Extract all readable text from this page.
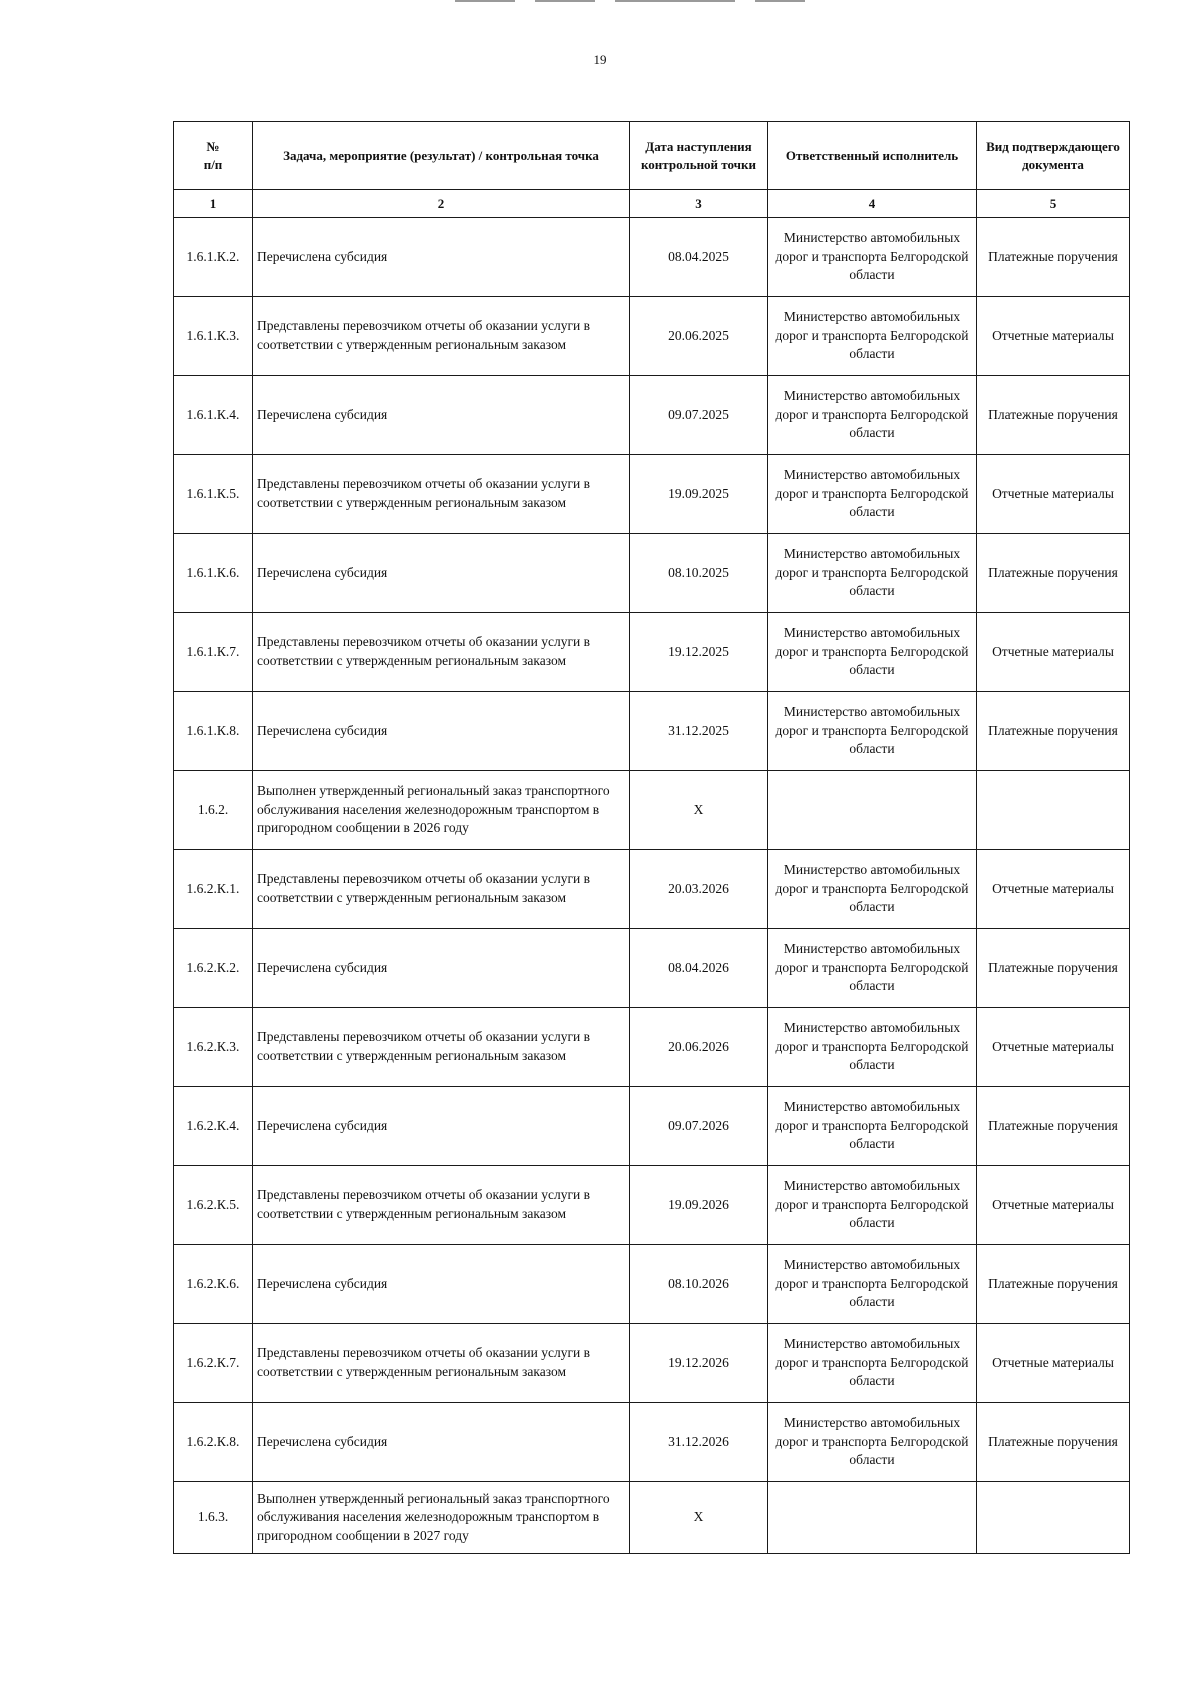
19
№
п/п	Задача, мероприятие (результат) / контрольная точка	Дата наступления контрольной точки	Ответственный исполнитель	Вид подтверждающего документа
1	2	3	4	5
1.6.1.К.2.	Перечислена субсидия	08.04.2025	Министерство автомобильных дорог и транспорта Белгородской области	Платежные поручения
1.6.1.К.3.	Представлены перевозчиком отчеты об оказании услуги в соответствии с утвержденным региональным заказом	20.06.2025	Министерство автомобильных дорог и транспорта Белгородской области	Отчетные материалы
1.6.1.К.4.	Перечислена субсидия	09.07.2025	Министерство автомобильных дорог и транспорта Белгородской области	Платежные поручения
1.6.1.К.5.	Представлены перевозчиком отчеты об оказании услуги в соответствии с утвержденным региональным заказом	19.09.2025	Министерство автомобильных дорог и транспорта Белгородской области	Отчетные материалы
1.6.1.К.6.	Перечислена субсидия	08.10.2025	Министерство автомобильных дорог и транспорта Белгородской области	Платежные поручения
1.6.1.К.7.	Представлены перевозчиком отчеты об оказании услуги в соответствии с утвержденным региональным заказом	19.12.2025	Министерство автомобильных дорог и транспорта Белгородской области	Отчетные материалы
1.6.1.К.8.	Перечислена субсидия	31.12.2025	Министерство автомобильных дорог и транспорта Белгородской области	Платежные поручения
1.6.2.	Выполнен утвержденный региональный заказ транспортного обслуживания населения железнодорожным транспортом в пригородном сообщении в 2026 году	Х		
1.6.2.К.1.	Представлены перевозчиком отчеты об оказании услуги в соответствии с утвержденным региональным заказом	20.03.2026	Министерство автомобильных дорог и транспорта Белгородской области	Отчетные материалы
1.6.2.К.2.	Перечислена субсидия	08.04.2026	Министерство автомобильных дорог и транспорта Белгородской области	Платежные поручения
1.6.2.К.3.	Представлены перевозчиком отчеты об оказании услуги в соответствии с утвержденным региональным заказом	20.06.2026	Министерство автомобильных дорог и транспорта Белгородской области	Отчетные материалы
1.6.2.К.4.	Перечислена субсидия	09.07.2026	Министерство автомобильных дорог и транспорта Белгородской области	Платежные поручения
1.6.2.К.5.	Представлены перевозчиком отчеты об оказании услуги в соответствии с утвержденным региональным заказом	19.09.2026	Министерство автомобильных дорог и транспорта Белгородской области	Отчетные материалы
1.6.2.К.6.	Перечислена субсидия	08.10.2026	Министерство автомобильных дорог и транспорта Белгородской области	Платежные поручения
1.6.2.К.7.	Представлены перевозчиком отчеты об оказании услуги в соответствии с утвержденным региональным заказом	19.12.2026	Министерство автомобильных дорог и транспорта Белгородской области	Отчетные материалы
1.6.2.К.8.	Перечислена субсидия	31.12.2026	Министерство автомобильных дорог и транспорта Белгородской области	Платежные поручения
1.6.3.	Выполнен утвержденный региональный заказ транспортного обслуживания населения железнодорожным транспортом в пригородном сообщении в 2027 году	Х		
